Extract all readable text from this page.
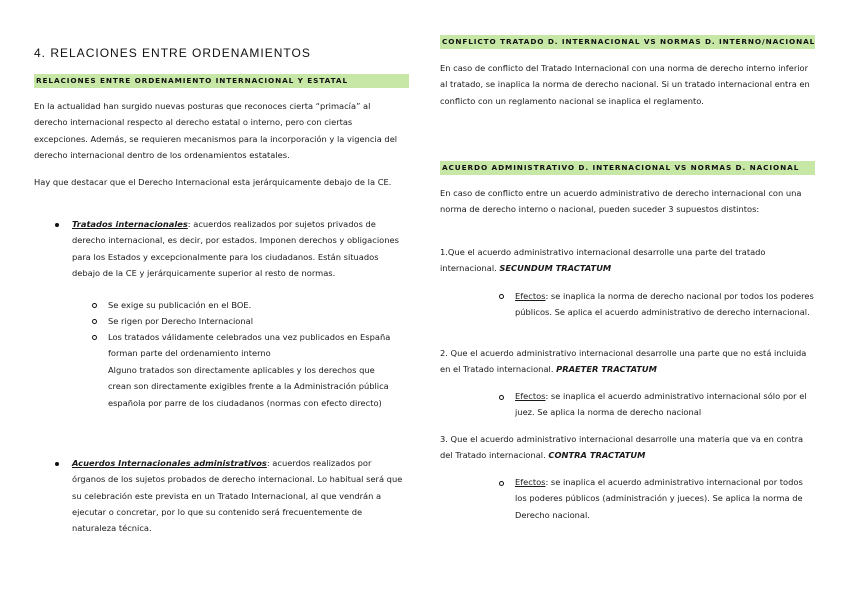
4. RELACIONES ENTRE ORDENAMIENTOS
RELACIONES ENTRE ORDENAMIENTO INTERNACIONAL Y ESTATAL
En la actualidad han surgido nuevas posturas que reconoces cierta “primacía” al derecho internacional respecto al derecho estatal o interno, pero con ciertas excepciones. Además, se requieren mecanismos para la incorporación y la vigencia del derecho internacional dentro de los ordenamientos estatales.
Hay que destacar que el Derecho Internacional esta jerárquicamente debajo de la CE.
Tratados internacionales: acuerdos realizados por sujetos privados de derecho internacional, es decir, por estados. Imponen derechos y obligaciones para los Estados y excepcionalmente para los ciudadanos. Están situados debajo de la CE y jerárquicamente superior al resto de normas.
Se exige su publicación en el BOE.
Se rigen por Derecho Internacional
Los tratados válidamente celebrados una vez publicados en España forman parte del ordenamiento interno
Alguno tratados son directamente aplicables y los derechos que crean son directamente exigibles frente a la Administración pública española por parre de los ciudadanos (normas con efecto directo)
Acuerdos Internacionales administrativos: acuerdos realizados por órganos de los sujetos probados de derecho internacional. Lo habitual será que su celebración este prevista en un Tratado Internacional, al que vendrán a ejecutar o concretar, por lo que su contenido será frecuentemente de naturaleza técnica.
CONFLICTO TRATADO D. INTERNACIONAL VS NORMAS D. INTERNO/NACIONAL
En caso de conflicto del Tratado Internacional con una norma de derecho interno inferior al tratado, se inaplica la norma de derecho nacional. Si un tratado internacional entra en conflicto con un reglamento nacional se inaplica el reglamento.
ACUERDO ADMINISTRATIVO D. INTERNACIONAL VS NORMAS D. NACIONAL
En caso de conflicto entre un acuerdo administrativo de derecho internacional con una norma de derecho interno o nacional, pueden suceder 3 supuestos distintos:
1.Que el acuerdo administrativo internacional desarrolle una parte del tratado internacional. SECUNDUM TRACTATUM
Efectos: se inaplica la norma de derecho nacional por todos los poderes públicos. Se aplica el acuerdo administrativo de derecho internacional.
2. Que el acuerdo administrativo internacional desarrolle una parte que no está incluida en el Tratado internacional. PRAETER TRACTATUM
Efectos: se inaplica el acuerdo administrativo internacional sólo por el juez. Se aplica la norma de derecho nacional
3. Que el acuerdo administrativo internacional desarrolle una materia que va en contra del Tratado internacional. CONTRA TRACTATUM
Efectos: se inaplica el acuerdo administrativo internacional por todos los poderes públicos (administración y jueces). Se aplica la norma de Derecho nacional.
